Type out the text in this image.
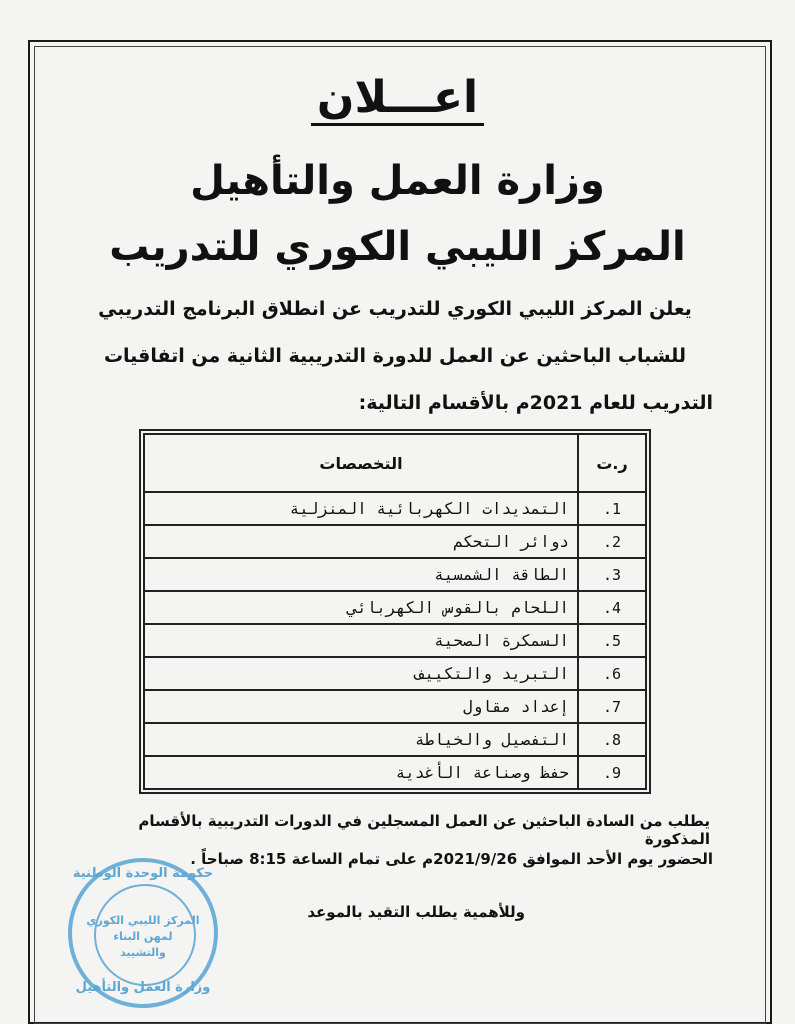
اعـــلان
وزارة العمل والتأهيل
المركز الليبي الكوري للتدريب
يعلن المركز الليبي الكوري للتدريب عن انطلاق البرنامج التدريبي
للشباب الباحثين عن العمل للدورة التدريبية الثانية من اتفاقيات
التدريب للعام 2021م بالأقسام التالية:
ر.ت	التخصصات
1.	التمديدات الكهربائية المنزلية
2.	دوائر التحكم
3.	الطاقة الشمسية
4.	اللحام بالقوس الكهربائي
5.	السمكرة الصحية
6.	التبريد والتكييف
7.	إعداد مقاول
8.	التفصيل والخياطة
9.	حفظ وصناعة الأغدية
يطلب من السادة الباحثين عن العمل المسجلين في الدورات التدريبية بالأقسام المذكورة
الحضور يوم الأحد الموافق 2021/9/26م على تمام الساعة 8:15 صباحاً .
وللأهمية يطلب التقيد بالموعد
حكومة الوحدة الوطنية
المركز الليبي الكوري
لمهن البناء
والتشييد
وزارة العمل والتأهيل
